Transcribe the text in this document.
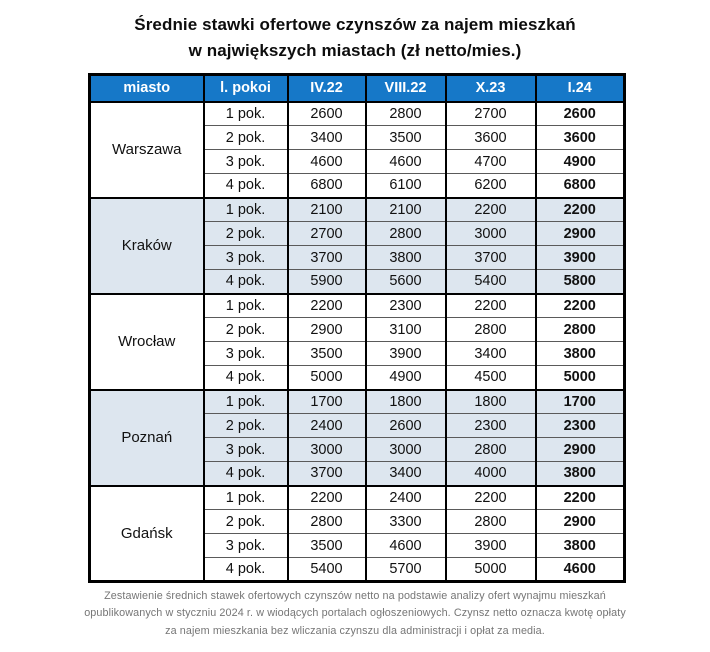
Średnie stawki ofertowe czynszów za najem mieszkań
w największych miastach (zł netto/mies.)
miasto	l. pokoi	IV.22	VIII.22	X.23	I.24
Warszawa	1 pok.	2600	2800	2700	2600
	2 pok.	3400	3500	3600	3600
	3 pok.	4600	4600	4700	4900
	4 pok.	6800	6100	6200	6800
Kraków	1 pok.	2100	2100	2200	2200
	2 pok.	2700	2800	3000	2900
	3 pok.	3700	3800	3700	3900
	4 pok.	5900	5600	5400	5800
Wrocław	1 pok.	2200	2300	2200	2200
	2 pok.	2900	3100	2800	2800
	3 pok.	3500	3900	3400	3800
	4 pok.	5000	4900	4500	5000
Poznań	1 pok.	1700	1800	1800	1700
	2 pok.	2400	2600	2300	2300
	3 pok.	3000	3000	2800	2900
	4 pok.	3700	3400	4000	3800
Gdańsk	1 pok.	2200	2400	2200	2200
	2 pok.	2800	3300	2800	2900
	3 pok.	3500	4600	3900	3800
	4 pok.	5400	5700	5000	4600

Zestawienie średnich stawek ofertowych czynszów netto na podstawie analizy ofert wynajmu mieszkań opublikowanych w styczniu 2024 r. w wiodących portalach ogłoszeniowych. Czynsz netto oznacza kwotę opłaty za najem mieszkania bez wliczania czynszu dla administracji i opłat za media.
